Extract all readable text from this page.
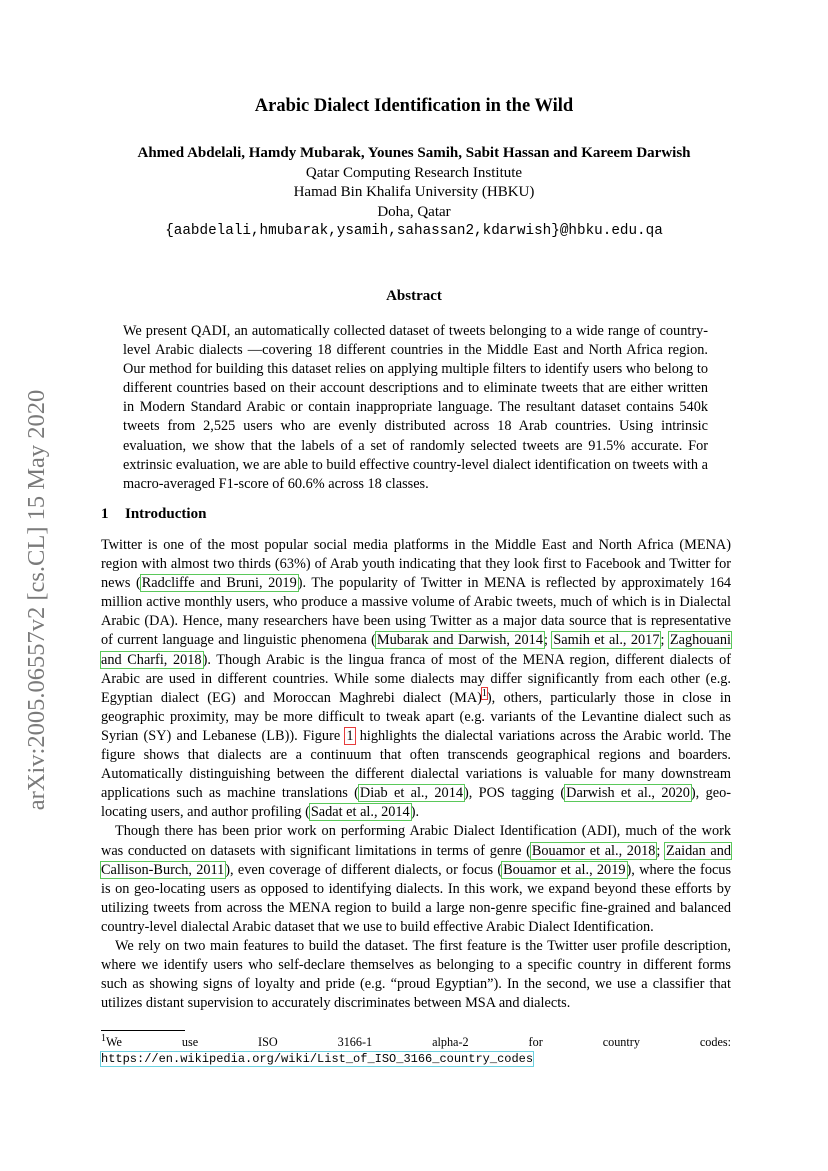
arXiv:2005.06557v2 [cs.CL] 15 May 2020
Arabic Dialect Identification in the Wild
Ahmed Abdelali, Hamdy Mubarak, Younes Samih, Sabit Hassan and Kareem Darwish
Qatar Computing Research Institute
Hamad Bin Khalifa University (HBKU)
Doha, Qatar
{aabdelali,hmubarak,ysamih,sahassan2,kdarwish}@hbku.edu.qa
Abstract
We present QADI, an automatically collected dataset of tweets belonging to a wide range of country-level Arabic dialects —covering 18 different countries in the Middle East and North Africa region. Our method for building this dataset relies on applying multiple filters to identify users who belong to different countries based on their account descriptions and to eliminate tweets that are either written in Modern Standard Arabic or contain inappropriate language. The resultant dataset contains 540k tweets from 2,525 users who are evenly distributed across 18 Arab countries. Using intrinsic evaluation, we show that the labels of a set of randomly selected tweets are 91.5% accurate. For extrinsic evaluation, we are able to build effective country-level dialect identification on tweets with a macro-averaged F1-score of 60.6% across 18 classes.
1 Introduction

Twitter is one of the most popular social media platforms in the Middle East and North Africa (MENA) region with almost two thirds (63%) of Arab youth indicating that they look first to Facebook and Twitter for news (Radcliffe and Bruni, 2019). The popularity of Twitter in MENA is reflected by approximately 164 million active monthly users, who produce a massive volume of Arabic tweets, much of which is in Dialectal Arabic (DA). Hence, many researchers have been using Twitter as a major data source that is representative of current language and linguistic phenomena (Mubarak and Darwish, 2014; Samih et al., 2017; Zaghouani and Charfi, 2018). Though Arabic is the lingua franca of most of the MENA region, different dialects of Arabic are used in different countries. While some dialects may differ significantly from each other (e.g. Egyptian dialect (EG) and Moroccan Maghrebi dialect (MA)$^1$), others, particularly those in close in geographic proximity, may be more difficult to tweak apart (e.g. variants of the Levantine dialect such as Syrian (SY) and Lebanese (LB)). Figure 1 highlights the dialectal variations across the Arabic world. The figure shows that dialects are a continuum that often transcends geographical regions and boarders. Automatically distinguishing between the different dialectal variations is valuable for many downstream applications such as machine translations (Diab et al., 2014), POS tagging (Darwish et al., 2020), geo-locating users, and author profiling (Sadat et al., 2014).

Though there has been prior work on performing Arabic Dialect Identification (ADI), much of the work was conducted on datasets with significant limitations in terms of genre (Bouamor et al., 2018; Zaidan and Callison-Burch, 2011), even coverage of different dialects, or focus (Bouamor et al., 2019), where the focus is on geo-locating users as opposed to identifying dialects. In this work, we expand beyond these efforts by utilizing tweets from across the MENA region to build a large non-genre specific fine-grained and balanced country-level dialectal Arabic dataset that we use to build effective Arabic Dialect Identification.

We rely on two main features to build the dataset. The first feature is the Twitter user profile description, where we identify users who self-declare themselves as belonging to a specific country in different forms such as showing signs of loyalty and pride (e.g. “proud Egyptian”). In the second, we use a classifier that utilizes distant supervision to accurately discriminates between MSA and dialects.

$^1$We use ISO 3166-1 alpha-2 for country codes: https://en.wikipedia.org/wiki/List_of_ISO_3166_country_codes
